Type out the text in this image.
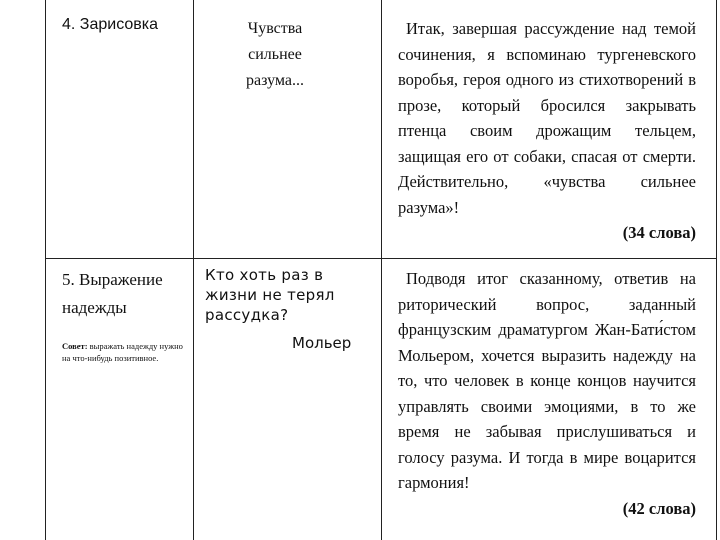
4. Зарисовка	Чувства
сильнее
разума...

Итак, завершая рассуждение над темой сочинения, я вспоминаю тургеневского воробья, героя одного из стихотворений в прозе, который бросился закрывать птенца своим дрожащим тельцем, защищая его от собаки, спасая от смерти. Действительно, «чувства сильнее разума»!

(34 слова)
5. Выражение
надежды
Совет: выражать надежду нужно на что-нибудь позитивное.
Кто хоть раз в жизни не терял рассудка?
Мольер

Подводя итог сказанному, ответив на риторический вопрос, заданный французским драматургом Жан-Бати́стом Мольером, хочется выразить надежду на то, что человек в конце концов научится управлять своими эмоциями, в то же время не забывая прислушиваться и голосу разума. И тогда в мире воцарится гармония!

(42 слова)
